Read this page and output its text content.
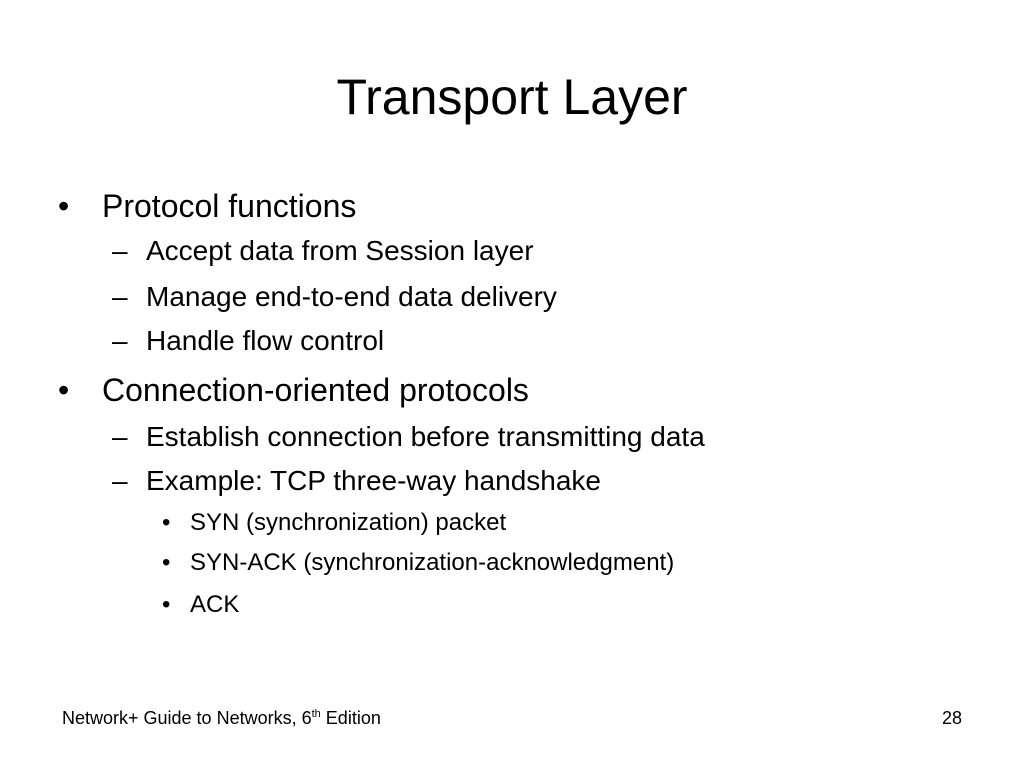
Transport Layer
• Protocol functions
– Accept data from Session layer
– Manage end-to-end data delivery
– Handle flow control
• Connection-oriented protocols
– Establish connection before transmitting data
– Example: TCP three-way handshake
• SYN (synchronization) packet
• SYN-ACK (synchronization-acknowledgment)
• ACK
Network+ Guide to Networks, 6th Edition	28
